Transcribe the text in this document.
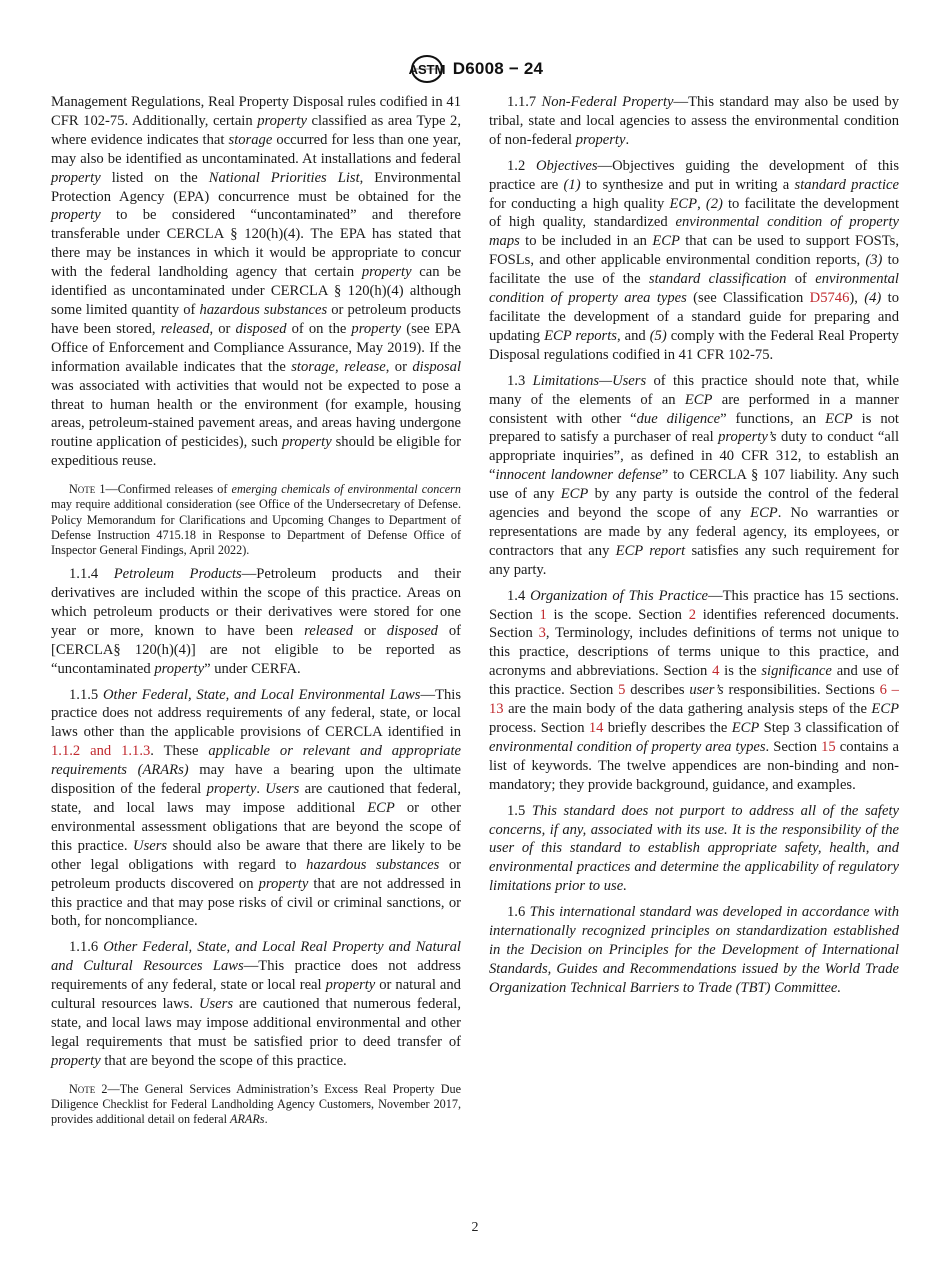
ASTM D6008 − 24

Management Regulations, Real Property Disposal rules codified in 41 CFR 102-75. Additionally, certain property classified as area Type 2, where evidence indicates that storage occurred for less than one year, may also be identified as uncontaminated. At installations and federal property listed on the National Priorities List, Environmental Protection Agency (EPA) concurrence must be obtained for the property to be considered “uncontaminated” and therefore transferable under CERCLA § 120(h)(4). The EPA has stated that there may be instances in which it would be appropriate to concur with the federal landholding agency that certain property can be identified as uncontaminated under CERCLA § 120(h)(4) although some limited quantity of hazardous substances or petroleum products have been stored, released, or disposed of on the property (see EPA Office of Enforcement and Compliance Assurance, May 2019). If the information available indicates that the storage, release, or disposal was associated with activities that would not be expected to pose a threat to human health or the environment (for example, housing areas, petroleum-stained pavement areas, and areas having undergone routine application of pesticides), such property should be eligible for expeditious reuse.

Note 1—Confirmed releases of emerging chemicals of environmental concern may require additional consideration (see Office of the Undersecretary of Defense. Policy Memorandum for Clarifications and Upcoming Changes to Department of Defense Instruction 4715.18 in Response to Department of Defense Office of Inspector General Findings, April 2022).

1.1.4 Petroleum Products—Petroleum products and their derivatives are included within the scope of this practice. Areas on which petroleum products or their derivatives were stored for one year or more, known to have been released or disposed of [CERCLA§ 120(h)(4)] are not eligible to be reported as “uncontaminated property” under CERFA.

1.1.5 Other Federal, State, and Local Environmental Laws—This practice does not address requirements of any federal, state, or local laws other than the applicable provisions of CERCLA identified in 1.1.2 and 1.1.3. These applicable or relevant and appropriate requirements (ARARs) may have a bearing upon the ultimate disposition of the federal property. Users are cautioned that federal, state, and local laws may impose additional ECP or other environmental assessment obligations that are beyond the scope of this practice. Users should also be aware that there are likely to be other legal obligations with regard to hazardous substances or petroleum products discovered on property that are not addressed in this practice and that may pose risks of civil or criminal sanctions, or both, for noncompliance.

1.1.6 Other Federal, State, and Local Real Property and Natural and Cultural Resources Laws—This practice does not address requirements of any federal, state or local real property or natural and cultural resources laws. Users are cautioned that numerous federal, state, and local laws may impose additional environmental and other legal requirements that must be satisfied prior to deed transfer of property that are beyond the scope of this practice.

Note 2—The General Services Administration’s Excess Real Property Due Diligence Checklist for Federal Landholding Agency Customers, November 2017, provides additional detail on federal ARARs.

1.1.7 Non-Federal Property—This standard may also be used by tribal, state and local agencies to assess the environmental condition of non-federal property.

1.2 Objectives—Objectives guiding the development of this practice are (1) to synthesize and put in writing a standard practice for conducting a high quality ECP, (2) to facilitate the development of high quality, standardized environmental condition of property maps to be included in an ECP that can be used to support FOSTs, FOSLs, and other applicable environmental condition reports, (3) to facilitate the use of the standard classification of environmental condition of property area types (see Classification D5746), (4) to facilitate the development of a standard guide for preparing and updating ECP reports, and (5) comply with the Federal Real Property Disposal regulations codified in 41 CFR 102-75.

1.3 Limitations—Users of this practice should note that, while many of the elements of an ECP are performed in a manner consistent with other “due diligence” functions, an ECP is not prepared to satisfy a purchaser of real property’s duty to conduct “all appropriate inquiries”, as defined in 40 CFR 312, to establish an “innocent landowner defense” to CERCLA § 107 liability. Any such use of any ECP by any party is outside the control of the federal agencies and beyond the scope of any ECP. No warranties or representations are made by any federal agency, its employees, or contractors that any ECP report satisfies any such requirement for any party.

1.4 Organization of This Practice—This practice has 15 sections. Section 1 is the scope. Section 2 identifies referenced documents. Section 3, Terminology, includes definitions of terms not unique to this practice, descriptions of terms unique to this practice, and acronyms and abbreviations. Section 4 is the significance and use of this practice. Section 5 describes user’s responsibilities. Sections 6 – 13 are the main body of the data gathering analysis steps of the ECP process. Section 14 briefly describes the ECP Step 3 classification of environmental condition of property area types. Section 15 contains a list of keywords. The twelve appendices are non-binding and non-mandatory; they provide background, guidance, and examples.

1.5 This standard does not purport to address all of the safety concerns, if any, associated with its use. It is the responsibility of the user of this standard to establish appropriate safety, health, and environmental practices and determine the applicability of regulatory limitations prior to use.

1.6 This international standard was developed in accordance with internationally recognized principles on standardization established in the Decision on Principles for the Development of International Standards, Guides and Recommendations issued by the World Trade Organization Technical Barriers to Trade (TBT) Committee.

2
